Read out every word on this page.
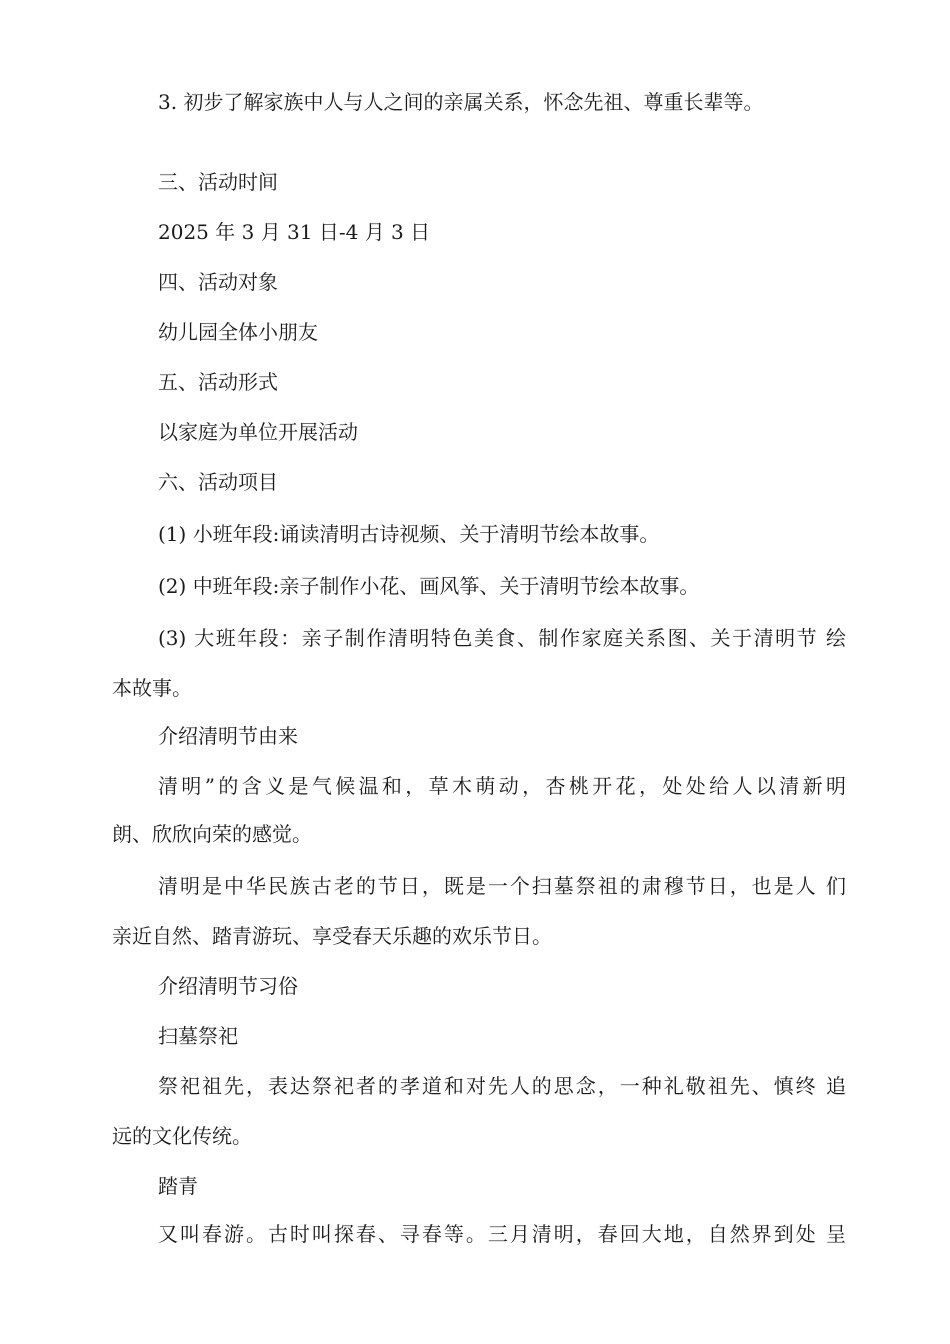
3. 初步了解家族中人与人之间的亲属关系，怀念先祖、尊重长辈等。
三、活动时间
2025 年 3 月 31 日-4 月 3 日
四、活动对象
幼儿园全体小朋友
五、活动形式
以家庭为单位开展活动
六、活动项目
(1) 小班年段:诵读清明古诗视频、关于清明节绘本故事。
(2) 中班年段:亲子制作小花、画风筝、关于清明节绘本故事。
(3) 大班年段：亲子制作清明特色美食、制作家庭关系图、关于清明节 绘
本故事。
介绍清明节由来
清明”的含义是气候温和，草木萌动，杏桃开花，处处给人以清新明
朗、欣欣向荣的感觉。
清明是中华民族古老的节日，既是一个扫墓祭祖的肃穆节日，也是人 们
亲近自然、踏青游玩、享受春天乐趣的欢乐节日。
介绍清明节习俗
扫墓祭祀
祭祀祖先，表达祭祀者的孝道和对先人的思念，一种礼敬祖先、慎终 追
远的文化传统。
踏青
又叫春游。古时叫探春、寻春等。三月清明，春回大地，自然界到处 呈
